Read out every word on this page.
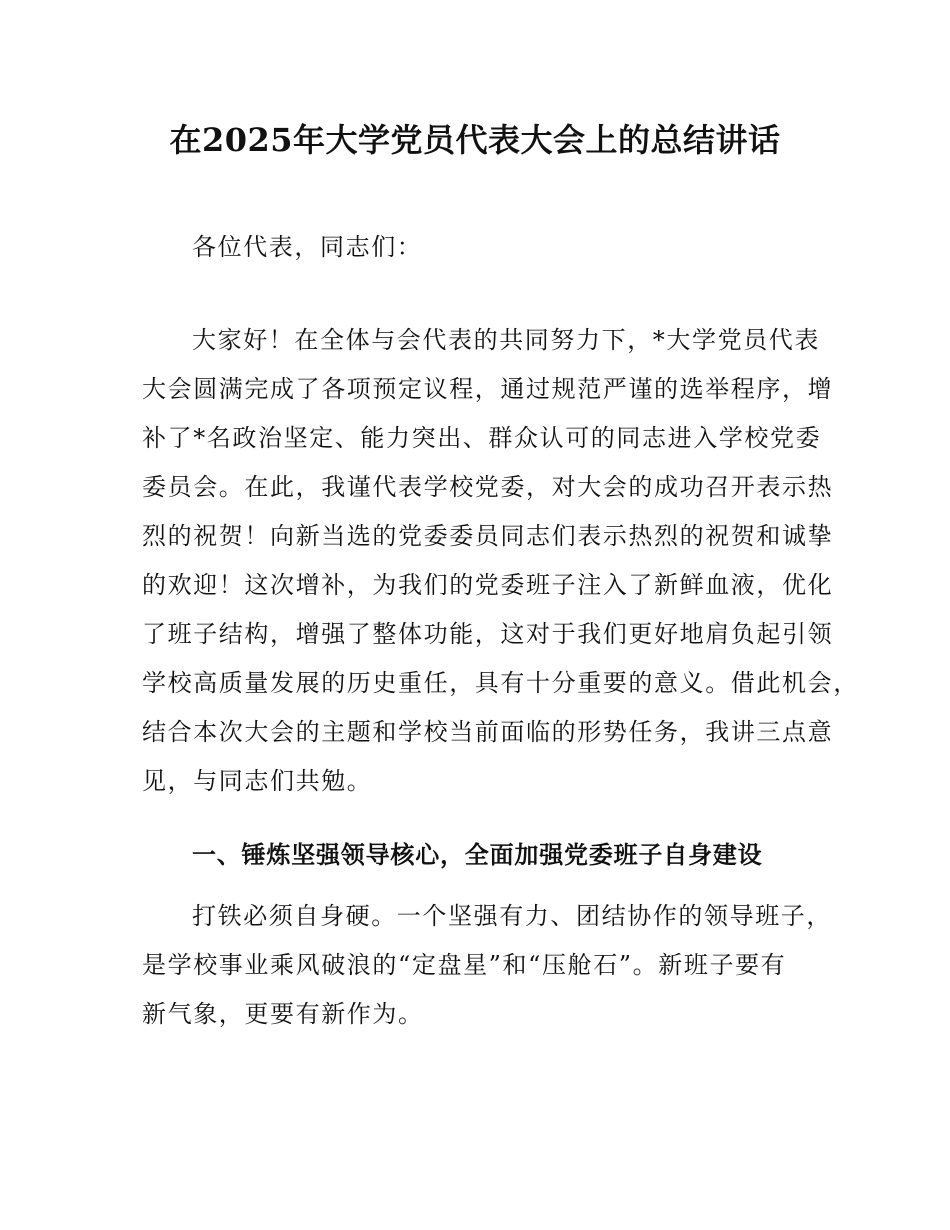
在2025年大学党员代表大会上的总结讲话
各位代表，同志们：
大家好！在全体与会代表的共同努力下，*大学党员代表
大会圆满完成了各项预定议程，通过规范严谨的选举程序，增
补了*名政治坚定、能力突出、群众认可的同志进入学校党委
委员会。在此，我谨代表学校党委，对大会的成功召开表示热
烈的祝贺！向新当选的党委委员同志们表示热烈的祝贺和诚挚
的欢迎！这次增补，为我们的党委班子注入了新鲜血液，优化
了班子结构，增强了整体功能，这对于我们更好地肩负起引领
学校高质量发展的历史重任，具有十分重要的意义。借此机会，
结合本次大会的主题和学校当前面临的形势任务，我讲三点意
见，与同志们共勉。
一、锤炼坚强领导核心，全面加强党委班子自身建设
打铁必须自身硬。一个坚强有力、团结协作的领导班子，
是学校事业乘风破浪的“定盘星”和“压舱石”。新班子要有
新气象，更要有新作为。
